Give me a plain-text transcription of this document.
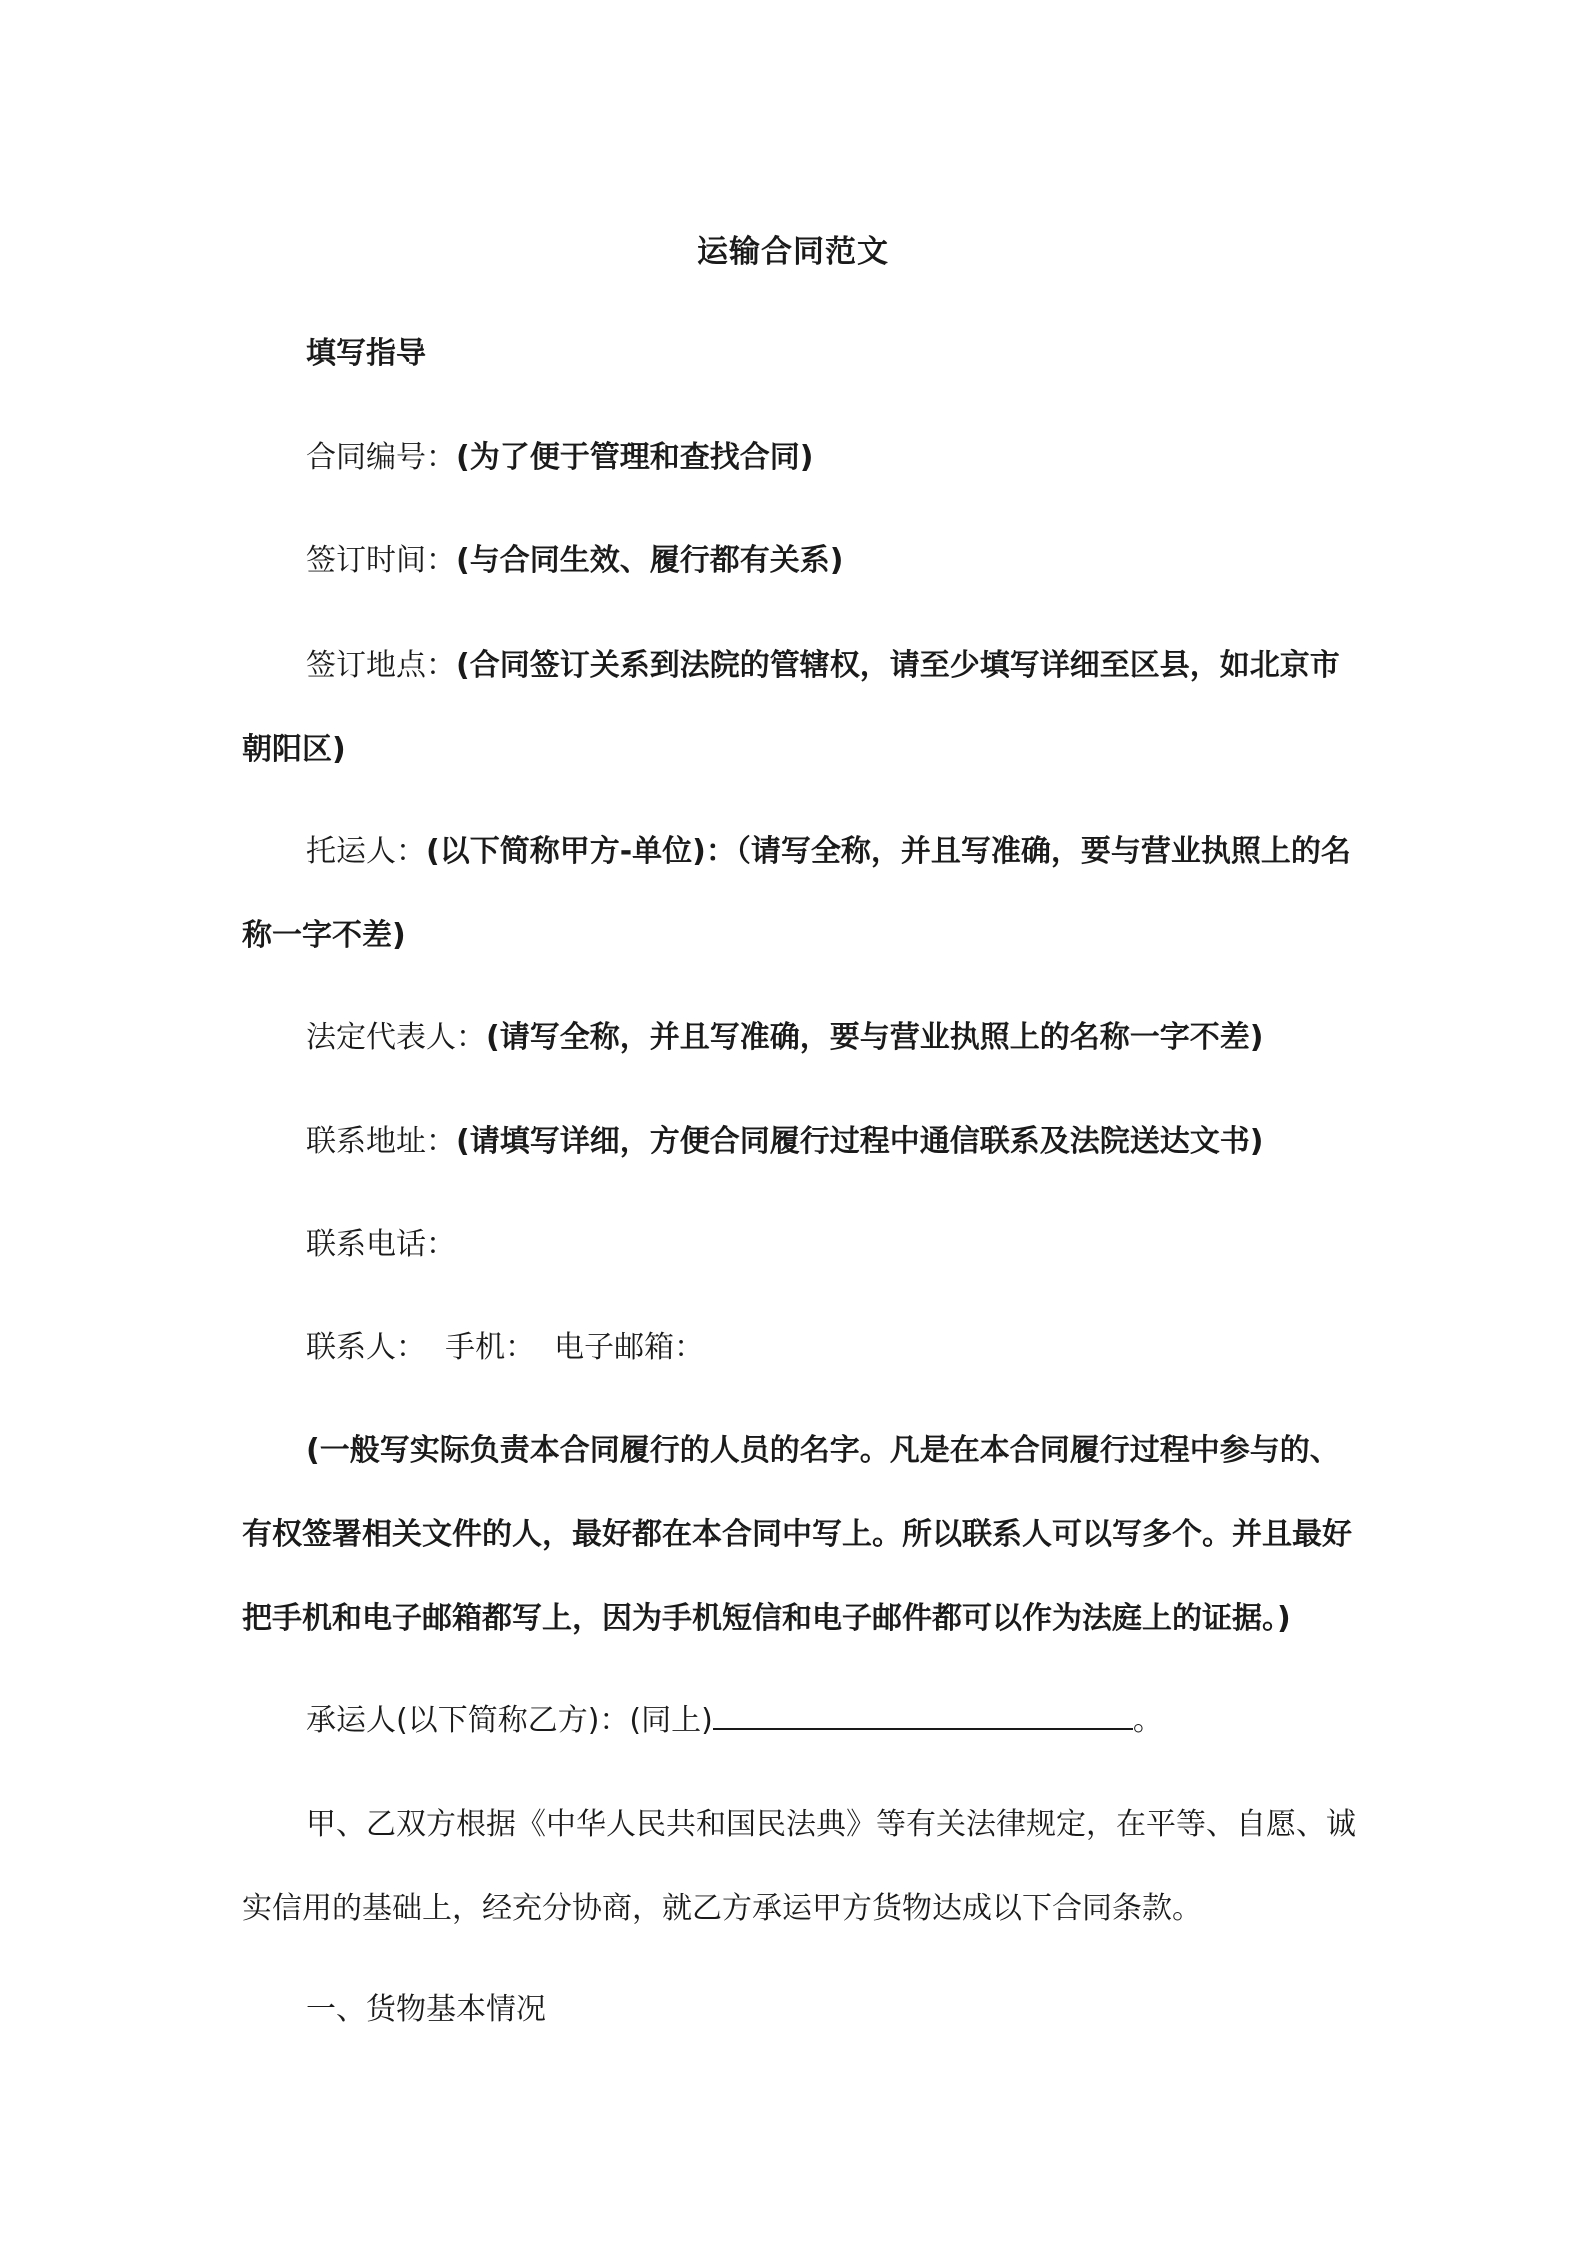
运输合同范文
填写指导
合同编号：(为了便于管理和查找合同)
签订时间：(与合同生效、履行都有关系)
签订地点：(合同签订关系到法院的管辖权，请至少填写详细至区县，如北京市朝阳区)
托运人：(以下简称甲方-单位)：（请写全称，并且写准确，要与营业执照上的名称一字不差)
法定代表人：(请写全称，并且写准确，要与营业执照上的名称一字不差)
联系地址：(请填写详细，方便合同履行过程中通信联系及法院送达文书)
联系电话：
联系人：  手机：  电子邮箱：
(一般写实际负责本合同履行的人员的名字。凡是在本合同履行过程中参与的、有权签署相关文件的人，最好都在本合同中写上。所以联系人可以写多个。并且最好把手机和电子邮箱都写上，因为手机短信和电子邮件都可以作为法庭上的证据。)
承运人(以下简称乙方)：(同上)	。
甲、乙双方根据《中华人民共和国民法典》等有关法律规定，在平等、自愿、诚实信用的基础上，经充分协商，就乙方承运甲方货物达成以下合同条款。
一、货物基本情况
